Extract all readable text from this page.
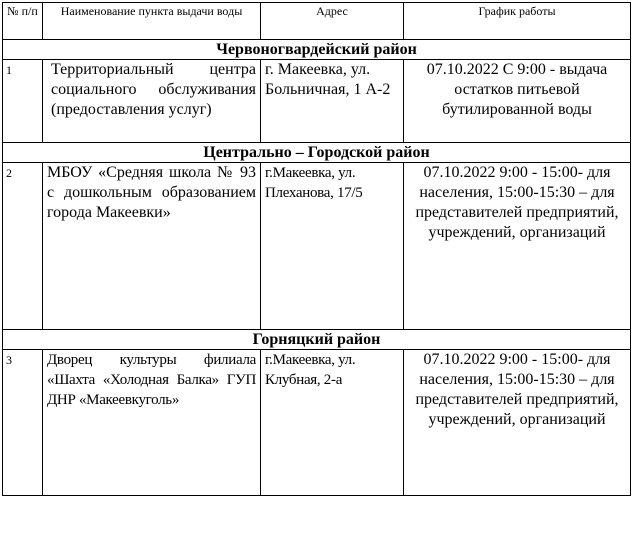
№ п/п	Наименование пункта выдачи воды	Адрес	График работы
Червоногвардейский район			
1	Территориальный центра социального обслуживания (предоставления услуг)	г. Макеевка, ул. Больничная, 1 А-2	07.10.2022 С 9:00 - выдача остатков питьевой бутилированной воды
Центрально – Городской район			
2	МБОУ «Средняя школа № 93 с дошкольным образованием города Макеевки»	г.Макеевка, ул. Плеханова, 17/5	07.10.2022 9:00 - 15:00- для населения, 15:00-15:30 – для представителей предприятий, учреждений, организаций
Горняцкий район			
3	Дворец культуры филиала «Шахта «Холодная Балка» ГУП ДНР «Макеевкуголь»	г.Макеевка, ул. Клубная, 2-а	07.10.2022 9:00 - 15:00- для населения, 15:00-15:30 – для представителей предприятий, учреждений, организаций
